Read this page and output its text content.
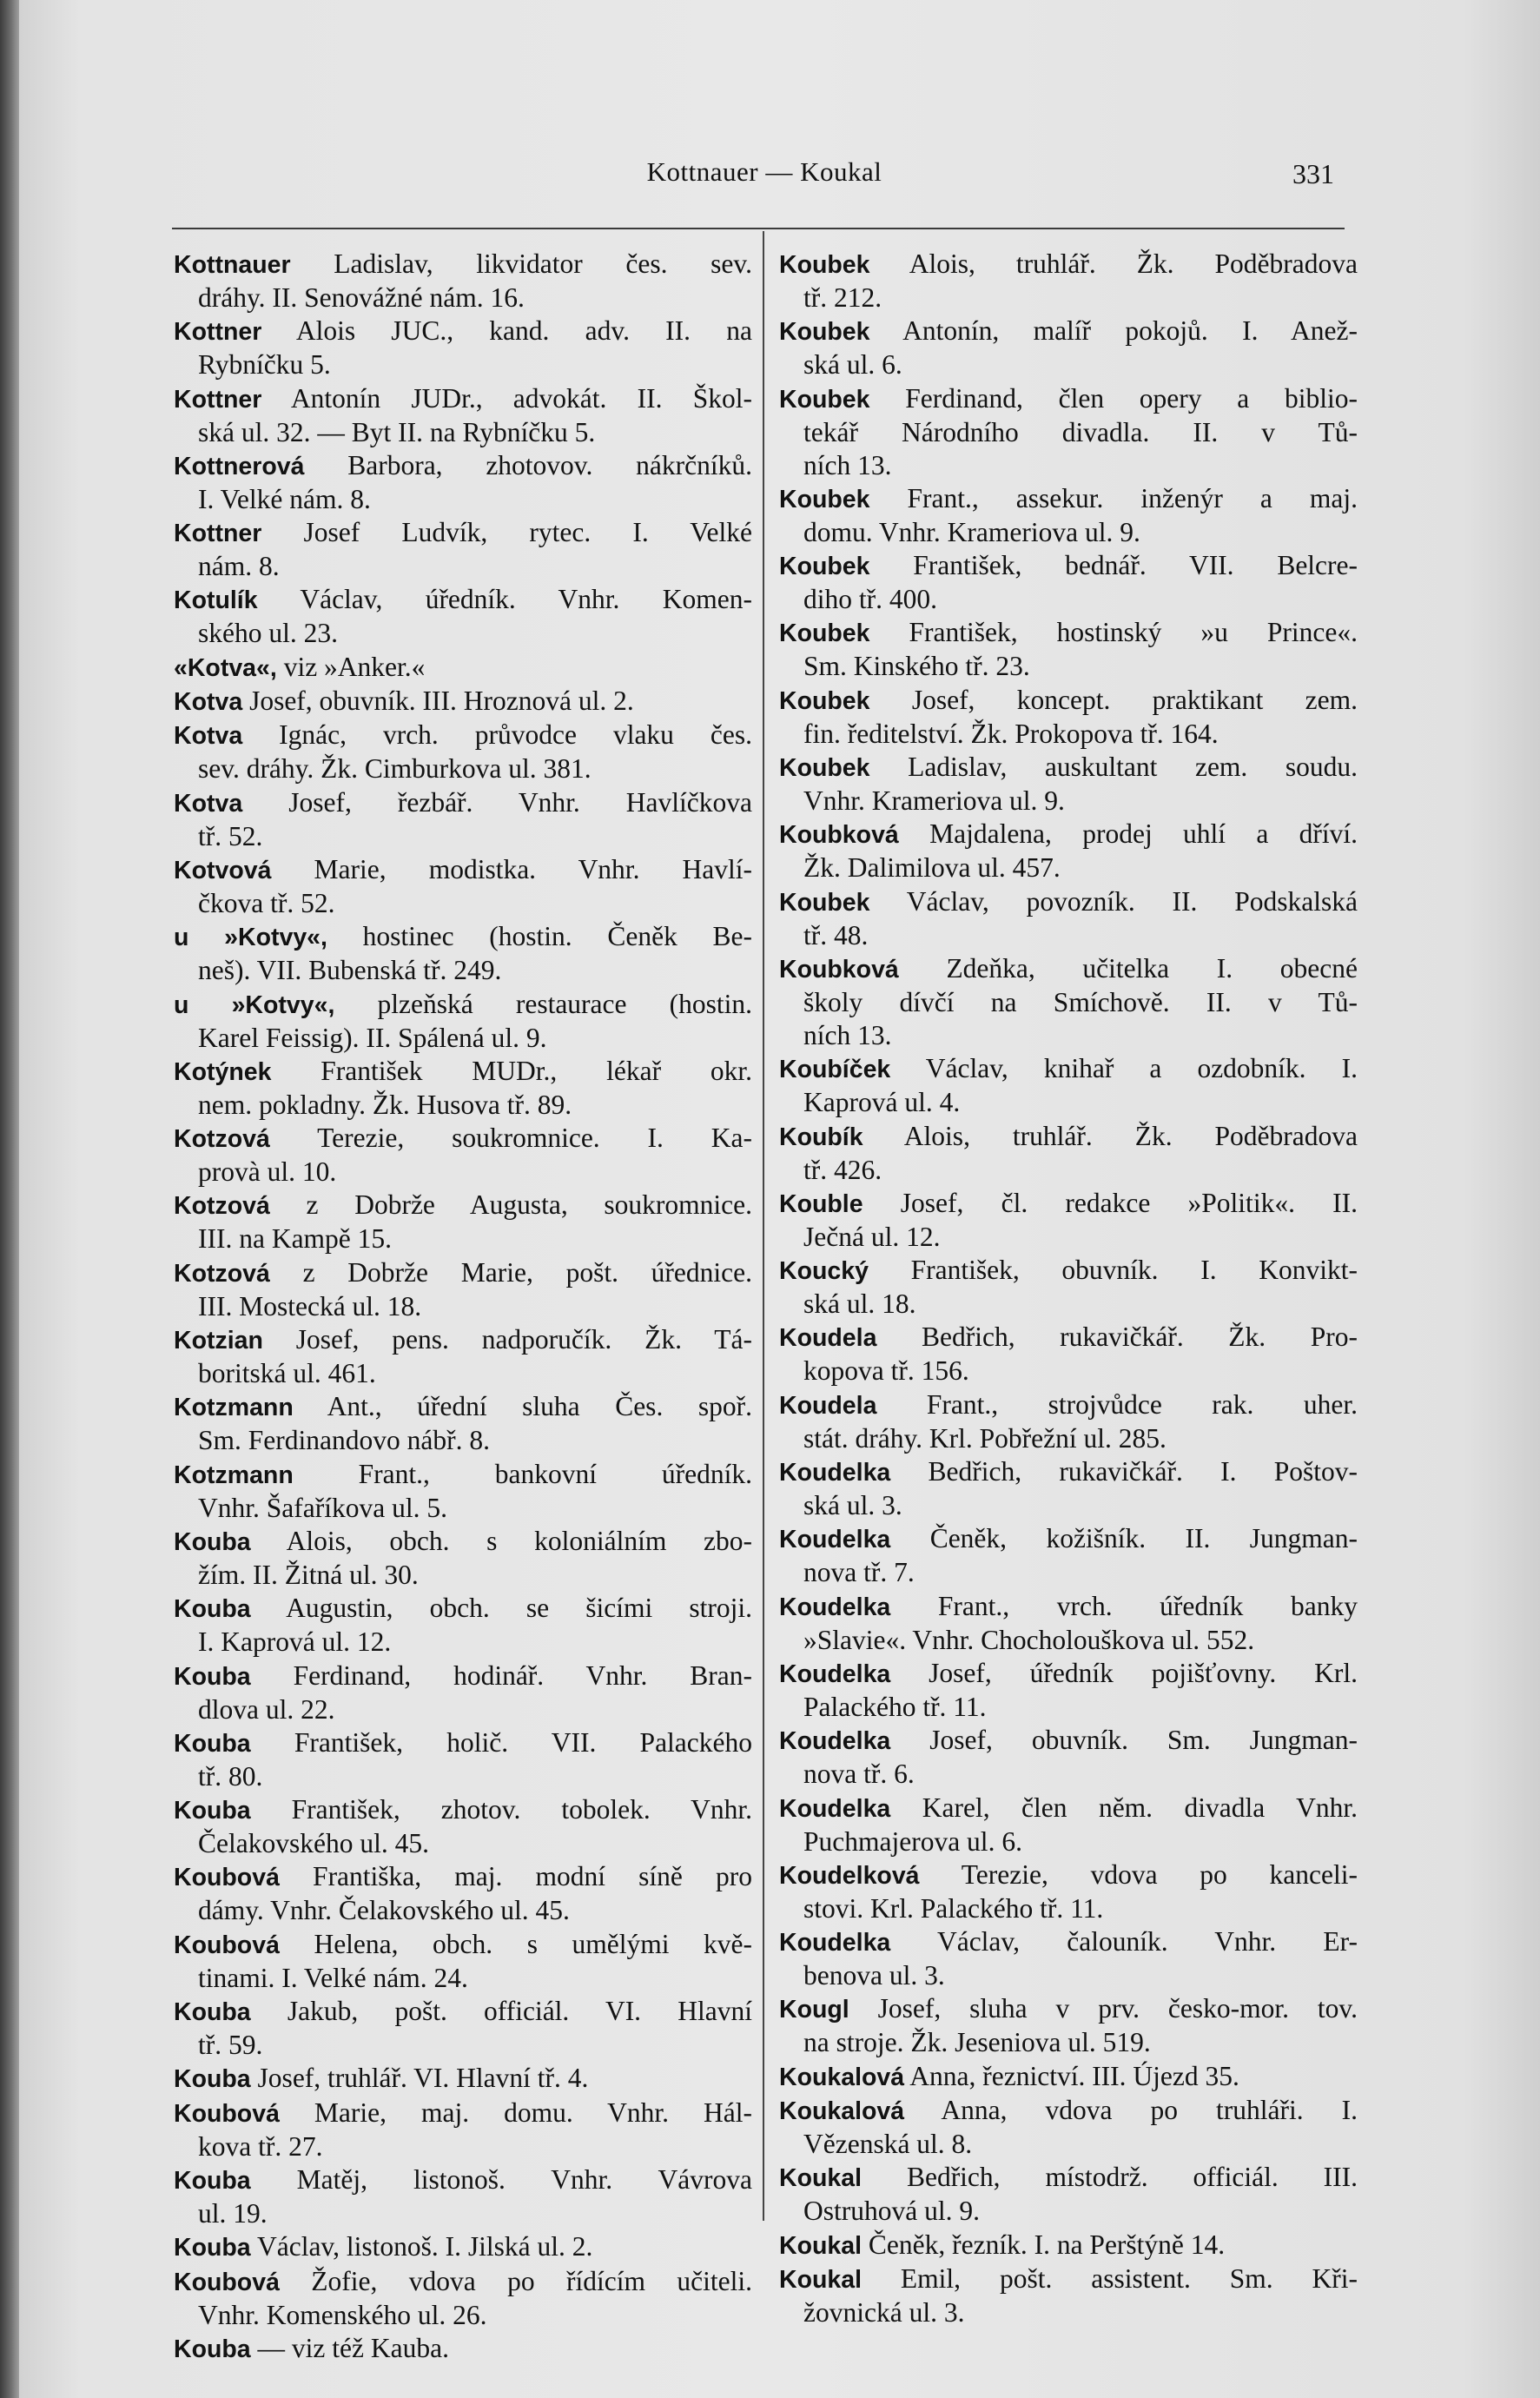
Kottnauer — Koukal	331
Kottnauer Ladislav, likvidator čes. sev.
dráhy. II. Senovážné nám. 16.
Kottner Alois JUC., kand. adv. II. na
Rybníčku 5.
Kottner Antonín JUDr., advokát. II. Škol-
ská ul. 32. — Byt II. na Rybníčku 5.
Kottnerová Barbora, zhotovov. nákrčníků.
I. Velké nám. 8.
Kottner Josef Ludvík, rytec. I. Velké
nám. 8.
Kotulík Václav, úředník. Vnhr. Komen-
ského ul. 23.
«Kotva«, viz »Anker.«
Kotva Josef, obuvník. III. Hroznová ul. 2.
Kotva Ignác, vrch. průvodce vlaku čes.
sev. dráhy. Žk. Cimburkova ul. 381.
Kotva Josef, řezbář. Vnhr. Havlíčkova
tř. 52.
Kotvová Marie, modistka. Vnhr. Havlí-
čkova tř. 52.
u »Kotvy«, hostinec (hostin. Čeněk Be-
neš). VII. Bubenská tř. 249.
u »Kotvy«, plzeňská restaurace (hostin.
Karel Feissig). II. Spálená ul. 9.
Kotýnek František MUDr., lékař okr.
nem. pokladny. Žk. Husova tř. 89.
Kotzová Terezie, soukromnice. I. Ka-
provà ul. 10.
Kotzová z Dobrže Augusta, soukromnice.
III. na Kampě 15.
Kotzová z Dobrže Marie, pošt. úřednice.
III. Mostecká ul. 18.
Kotzian Josef, pens. nadporučík. Žk. Tá-
boritská ul. 461.
Kotzmann Ant., úřední sluha Čes. spoř.
Sm. Ferdinandovo nábř. 8.
Kotzmann Frant., bankovní úředník.
Vnhr. Šafaříkova ul. 5.
Kouba Alois, obch. s koloniálním zbo-
žím. II. Žitná ul. 30.
Kouba Augustin, obch. se šicími stroji.
I. Kaprová ul. 12.
Kouba Ferdinand, hodinář. Vnhr. Bran-
dlova ul. 22.
Kouba František, holič. VII. Palackého
tř. 80.
Kouba František, zhotov. tobolek. Vnhr.
Čelakovského ul. 45.
Koubová Františka, maj. modní síně pro
dámy. Vnhr. Čelakovského ul. 45.
Koubová Helena, obch. s umělými kvě-
tinami. I. Velké nám. 24.
Kouba Jakub, pošt. officiál. VI. Hlavní
tř. 59.
Kouba Josef, truhlář. VI. Hlavní tř. 4.
Koubová Marie, maj. domu. Vnhr. Hál-
kova tř. 27.
Kouba Matěj, listonoš. Vnhr. Vávrova
ul. 19.
Kouba Václav, listonoš. I. Jilská ul. 2.
Koubová Žofie, vdova po řídícím učiteli.
Vnhr. Komenského ul. 26.
Kouba — viz též Kauba.
Koubek Alois, truhlář. Žk. Poděbradova
tř. 212.
Koubek Antonín, malíř pokojů. I. Anež-
ská ul. 6.
Koubek Ferdinand, člen opery a biblio-
tekář Národního divadla. II. v Tů-
ních 13.
Koubek Frant., assekur. inženýr a maj.
domu. Vnhr. Krameriova ul. 9.
Koubek František, bednář. VII. Belcre-
diho tř. 400.
Koubek František, hostinský »u Prince«.
Sm. Kinského tř. 23.
Koubek Josef, koncept. praktikant zem.
fin. ředitelství. Žk. Prokopova tř. 164.
Koubek Ladislav, auskultant zem. soudu.
Vnhr. Krameriova ul. 9.
Koubková Majdalena, prodej uhlí a dříví.
Žk. Dalimilova ul. 457.
Koubek Václav, povozník. II. Podskalská
tř. 48.
Koubková Zdeňka, učitelka I. obecné
školy dívčí na Smíchově. II. v Tů-
ních 13.
Koubíček Václav, knihař a ozdobník. I.
Kaprová ul. 4.
Koubík Alois, truhlář. Žk. Poděbradova
tř. 426.
Kouble Josef, čl. redakce »Politik«. II.
Ječná ul. 12.
Koucký František, obuvník. I. Konvikt-
ská ul. 18.
Koudela Bedřich, rukavičkář. Žk. Pro-
kopova tř. 156.
Koudela Frant., strojvůdce rak. uher.
stát. dráhy. Krl. Pobřežní ul. 285.
Koudelka Bedřich, rukavičkář. I. Poštov-
ská ul. 3.
Koudelka Čeněk, kožišník. II. Jungman-
nova tř. 7.
Koudelka Frant., vrch. úředník banky
»Slavie«. Vnhr. Chocholouškova ul. 552.
Koudelka Josef, úředník pojišťovny. Krl.
Palackého tř. 11.
Koudelka Josef, obuvník. Sm. Jungman-
nova tř. 6.
Koudelka Karel, člen něm. divadla Vnhr.
Puchmajerova ul. 6.
Koudelková Terezie, vdova po kanceli-
stovi. Krl. Palackého tř. 11.
Koudelka Václav, čalouník. Vnhr. Er-
benova ul. 3.
Kougl Josef, sluha v prv. česko-mor. tov.
na stroje. Žk. Jeseniova ul. 519.
Koukalová Anna, řeznictví. III. Újezd 35.
Koukalová Anna, vdova po truhláři. I.
Vězenská ul. 8.
Koukal Bedřich, místodrž. officiál. III.
Ostruhová ul. 9.
Koukal Čeněk, řezník. I. na Perštýně 14.
Koukal Emil, pošt. assistent. Sm. Kři-
žovnická ul. 3.
